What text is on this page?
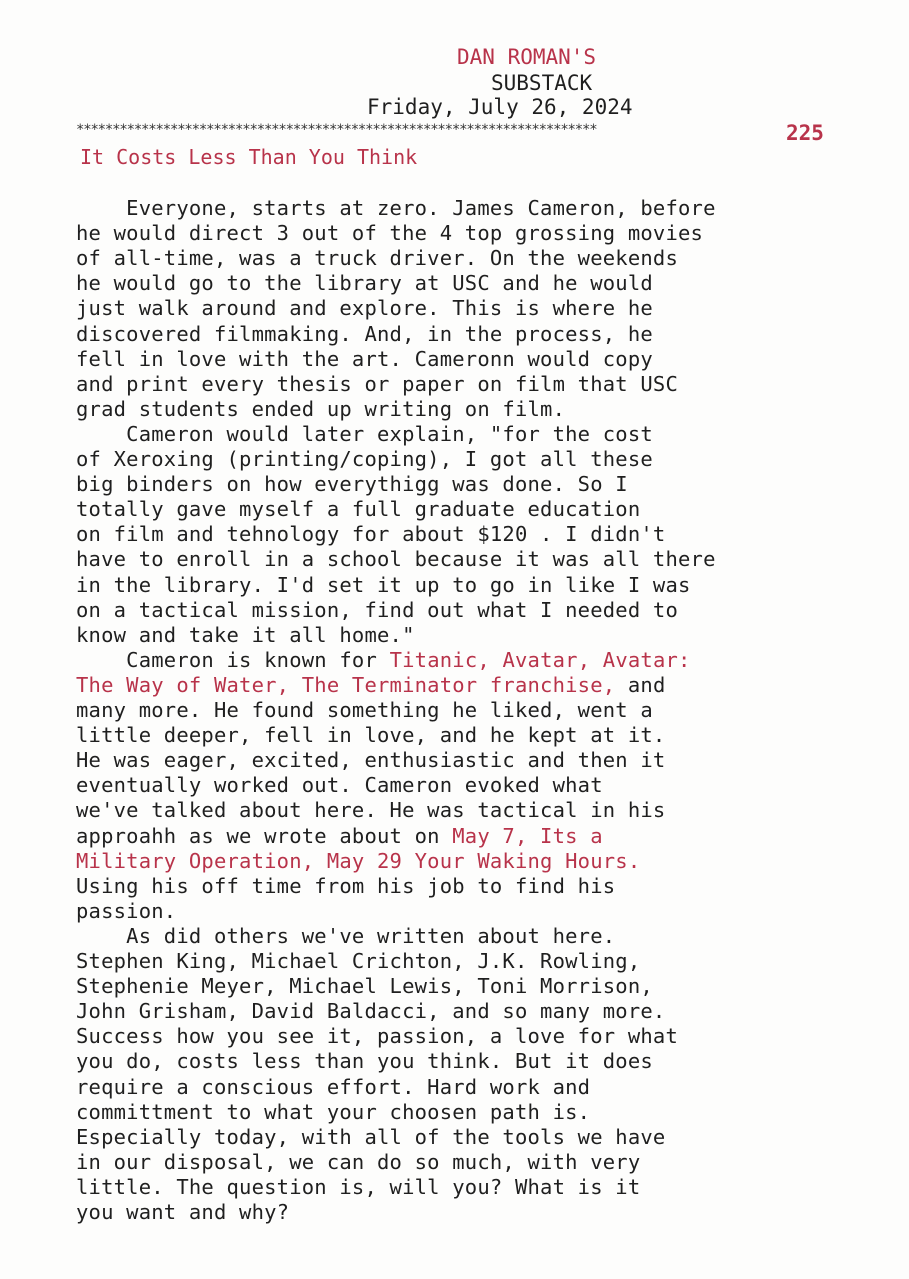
DAN ROMAN'S
SUBSTACK
Friday, July 26, 2024
************************************************************************	225
It Costs Less Than You Think
Everyone, starts at zero. James Cameron, before
he would direct 3 out of the 4 top grossing movies
of all-time, was a truck driver. On the weekends
he would go to the library at USC and he would
just walk around and explore. This is where he
discovered filmmaking. And, in the process, he
fell in love with the art. Cameronn would copy
and print every thesis or paper on film that USC
grad students ended up writing on film.
Cameron would later explain, "for the cost
of Xeroxing (printing/coping), I got all these
big binders on how everythigg was done. So I
totally gave myself a full graduate education
on film and tehnology for about $120 . I didn't
have to enroll in a school because it was all there
in the library. I'd set it up to go in like I was
on a tactical mission, find out what I needed to
know and take it all home."
Cameron is known for Titanic, Avatar, Avatar:
The Way of Water, The Terminator franchise, and
many more. He found something he liked, went a
little deeper, fell in love, and he kept at it.
He was eager, excited, enthusiastic and then it
eventually worked out. Cameron evoked what
we've talked about here. He was tactical in his
approahh as we wrote about on May 7, Its a
Military Operation, May 29 Your Waking Hours.
Using his off time from his job to find his
passion.
As did others we've written about here.
Stephen King, Michael Crichton, J.K. Rowling,
Stephenie Meyer, Michael Lewis, Toni Morrison,
John Grisham, David Baldacci, and so many more.
Success how you see it, passion, a love for what
you do, costs less than you think. But it does
require a conscious effort. Hard work and
committment to what your choosen path is.
Especially today, with all of the tools we have
in our disposal, we can do so much, with very
little. The question is, will you? What is it
you want and why?
